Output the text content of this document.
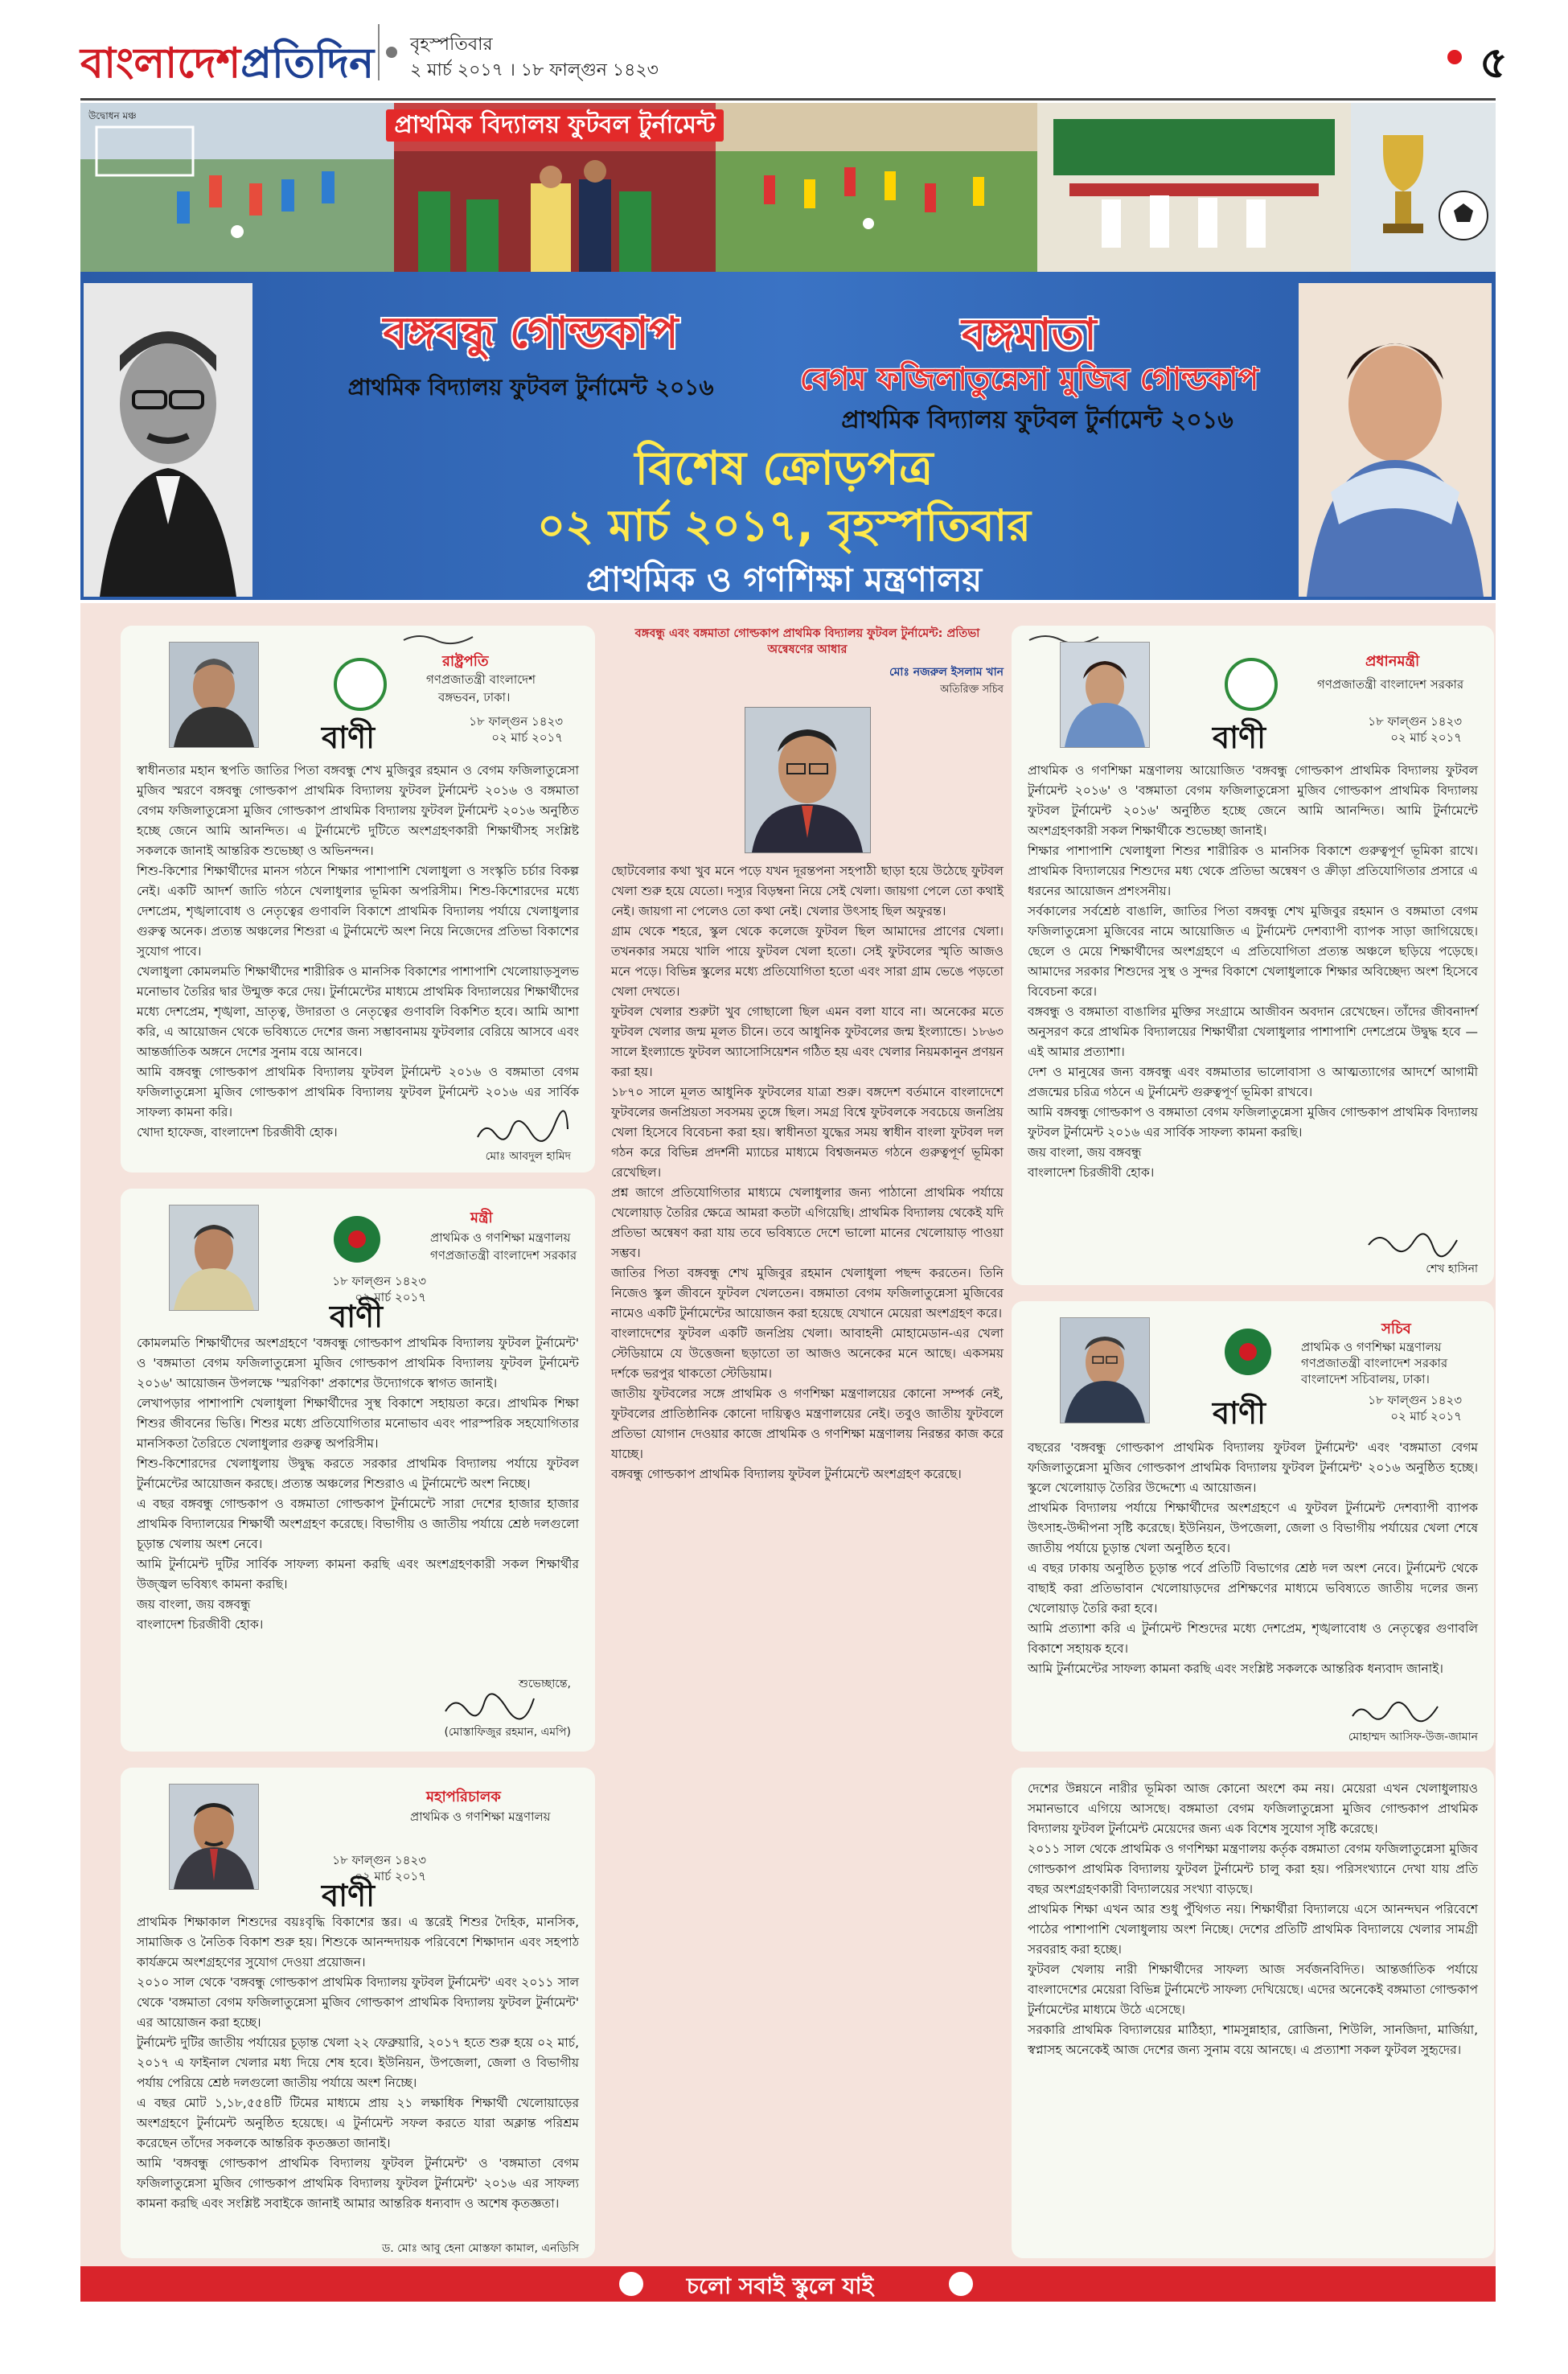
বাংলাদেশপ্রতিদিন বৃহস্পতিবার
২ মার্চ ২০১৭ । ১৮ ফাল্গুন ১৪২৩	৫
উদ্বোধন মঞ্চ	প্রাথমিক বিদ্যালয় ফুটবল টুর্নামেন্ট
বঙ্গবন্ধু গোল্ডকাপ
প্রাথমিক বিদ্যালয় ফুটবল টুর্নামেন্ট ২০১৬
বঙ্গমাতা
বেগম ফজিলাতুন্নেসা মুজিব গোল্ডকাপ
প্রাথমিক বিদ্যালয় ফুটবল টুর্নামেন্ট ২০১৬
বিশেষ ক্রোড়পত্র
০২ মার্চ ২০১৭, বৃহস্পতিবার
প্রাথমিক ও গণশিক্ষা মন্ত্রণালয়
রাষ্ট্রপতি
গণপ্রজাতন্ত্রী বাংলাদেশ
বঙ্গভবন, ঢাকা।
বাণী	১৮ ফাল্গুন ১৪২৩
০২ মার্চ ২০১৭
স্বাধীনতার মহান স্থপতি জাতির পিতা বঙ্গবন্ধু শেখ মুজিবুর রহমান ও বেগম ফজিলাতুন্নেসা মুজিব স্মরণে বঙ্গবন্ধু গোল্ডকাপ প্রাথমিক বিদ্যালয় ফুটবল টুর্নামেন্ট ২০১৬ ও বঙ্গমাতা বেগম ফজিলাতুন্নেসা মুজিব গোল্ডকাপ প্রাথমিক বিদ্যালয় ফুটবল টুর্নামেন্ট ২০১৬ অনুষ্ঠিত হচ্ছে জেনে আমি আনন্দিত। এ টুর্নামেন্টে দুটিতে অংশগ্রহণকারী শিক্ষার্থীসহ সংশ্লিষ্ট সকলকে জানাই আন্তরিক শুভেচ্ছা ও অভিনন্দন।
শিশু-কিশোর শিক্ষার্থীদের মানস গঠনে শিক্ষার পাশাপাশি খেলাধুলা ও সংস্কৃতি চর্চার বিকল্প নেই। একটি আদর্শ জাতি গঠনে খেলাধুলার ভূমিকা অপরিসীম। শিশু-কিশোরদের মধ্যে দেশপ্রেম, শৃঙ্খলাবোধ ও নেতৃত্বের গুণাবলি বিকাশে প্রাথমিক বিদ্যালয় পর্যায়ে খেলাধুলার গুরুত্ব অনেক। প্রত্যন্ত অঞ্চলের শিশুরা এ টুর্নামেন্টে অংশ নিয়ে নিজেদের প্রতিভা বিকাশের সুযোগ পাবে।
খেলাধুলা কোমলমতি শিক্ষার্থীদের শারীরিক ও মানসিক বিকাশের পাশাপাশি খেলোয়াড়সুলভ মনোভাব তৈরির দ্বার উন্মুক্ত করে দেয়। টুর্নামেন্টের মাধ্যমে প্রাথমিক বিদ্যালয়ের শিক্ষার্থীদের মধ্যে দেশপ্রেম, শৃঙ্খলা, ভ্রাতৃত্ব, উদারতা ও নেতৃত্বের গুণাবলি বিকশিত হবে। আমি আশা করি, এ আয়োজন থেকে ভবিষ্যতে দেশের জন্য সম্ভাবনাময় ফুটবলার বেরিয়ে আসবে এবং আন্তর্জাতিক অঙ্গনে দেশের সুনাম বয়ে আনবে।
আমি বঙ্গবন্ধু গোল্ডকাপ প্রাথমিক বিদ্যালয় ফুটবল টুর্নামেন্ট ২০১৬ ও বঙ্গমাতা বেগম ফজিলাতুন্নেসা মুজিব গোল্ডকাপ প্রাথমিক বিদ্যালয় ফুটবল টুর্নামেন্ট ২০১৬ এর সার্বিক সাফল্য কামনা করি।
খোদা হাফেজ, বাংলাদেশ চিরজীবী হোক।
মোঃ আবদুল হামিদ
বঙ্গবন্ধু এবং বঙ্গমাতা গোল্ডকাপ প্রাথমিক বিদ্যালয় ফুটবল টুর্নামেন্ট: প্রতিভা অন্বেষণের আধার
মোঃ নজরুল ইসলাম খান
অতিরিক্ত সচিব
ছোটবেলার কথা খুব মনে পড়ে যখন দূরন্তপনা সহপাঠী ছাড়া হয়ে উঠেছে ফুটবল খেলা শুরু হয়ে যেতো। দস্যুর বিড়ম্বনা নিয়ে সেই খেলা। জায়গা পেলে তো কথাই নেই। জায়গা না পেলেও তো কথা নেই। খেলার উৎসাহ ছিল অফুরন্ত।
গ্রাম থেকে শহরে, স্কুল থেকে কলেজে ফুটবল ছিল আমাদের প্রাণের খেলা। তখনকার সময়ে খালি পায়ে ফুটবল খেলা হতো। সেই ফুটবলের স্মৃতি আজও মনে পড়ে। বিভিন্ন স্কুলের মধ্যে প্রতিযোগিতা হতো এবং সারা গ্রাম ভেঙে পড়তো খেলা দেখতে।
ফুটবল খেলার শুরুটা খুব গোছালো ছিল এমন বলা যাবে না। অনেকের মতে ফুটবল খেলার জন্ম মূলত চীনে। তবে আধুনিক ফুটবলের জন্ম ইংল্যান্ডে। ১৮৬৩ সালে ইংল্যান্ডে ফুটবল অ্যাসোসিয়েশন গঠিত হয় এবং খেলার নিয়মকানুন প্রণয়ন করা হয়।
১৮৭০ সালে মূলত আধুনিক ফুটবলের যাত্রা শুরু। বঙ্গদেশ বর্তমানে বাংলাদেশে ফুটবলের জনপ্রিয়তা সবসময় তুঙ্গে ছিল। সমগ্র বিশ্বে ফুটবলকে সবচেয়ে জনপ্রিয় খেলা হিসেবে বিবেচনা করা হয়। স্বাধীনতা যুদ্ধের সময় স্বাধীন বাংলা ফুটবল দল গঠন করে বিভিন্ন প্রদর্শনী ম্যাচের মাধ্যমে বিশ্বজনমত গঠনে গুরুত্বপূর্ণ ভূমিকা রেখেছিল।
প্রশ্ন জাগে প্রতিযোগিতার মাধ্যমে খেলাধুলার জন্য পাঠানো প্রাথমিক পর্যায়ে খেলোয়াড় তৈরির ক্ষেত্রে আমরা কতটা এগিয়েছি। প্রাথমিক বিদ্যালয় থেকেই যদি প্রতিভা অন্বেষণ করা যায় তবে ভবিষ্যতে দেশে ভালো মানের খেলোয়াড় পাওয়া সম্ভব।
জাতির পিতা বঙ্গবন্ধু শেখ মুজিবুর রহমান খেলাধুলা পছন্দ করতেন। তিনি নিজেও স্কুল জীবনে ফুটবল খেলতেন। বঙ্গমাতা বেগম ফজিলাতুন্নেসা মুজিবের নামেও একটি টুর্নামেন্টের আয়োজন করা হয়েছে যেখানে মেয়েরা অংশগ্রহণ করে।
বাংলাদেশের ফুটবল একটি জনপ্রিয় খেলা। আবাহনী মোহামেডান-এর খেলা স্টেডিয়ামে যে উত্তেজনা ছড়াতো তা আজও অনেকের মনে আছে। একসময় দর্শকে ভরপুর থাকতো স্টেডিয়াম।
জাতীয় ফুটবলের সঙ্গে প্রাথমিক ও গণশিক্ষা মন্ত্রণালয়ের কোনো সম্পর্ক নেই, ফুটবলের প্রাতিষ্ঠানিক কোনো দায়িত্বও মন্ত্রণালয়ের নেই। তবুও জাতীয় ফুটবলে প্রতিভা যোগান দেওয়ার কাজে প্রাথমিক ও গণশিক্ষা মন্ত্রণালয় নিরন্তর কাজ করে যাচ্ছে।
বঙ্গবন্ধু গোল্ডকাপ প্রাথমিক বিদ্যালয় ফুটবল টুর্নামেন্টে অংশগ্রহণ করেছে।
প্রধানমন্ত্রী
গণপ্রজাতন্ত্রী বাংলাদেশ সরকার
বাণী	১৮ ফাল্গুন ১৪২৩
০২ মার্চ ২০১৭
প্রাথমিক ও গণশিক্ষা মন্ত্রণালয় আয়োজিত 'বঙ্গবন্ধু গোল্ডকাপ প্রাথমিক বিদ্যালয় ফুটবল টুর্নামেন্ট ২০১৬' ও 'বঙ্গমাতা বেগম ফজিলাতুন্নেসা মুজিব গোল্ডকাপ প্রাথমিক বিদ্যালয় ফুটবল টুর্নামেন্ট ২০১৬' অনুষ্ঠিত হচ্ছে জেনে আমি আনন্দিত। আমি টুর্নামেন্টে অংশগ্রহণকারী সকল শিক্ষার্থীকে শুভেচ্ছা জানাই।
শিক্ষার পাশাপাশি খেলাধুলা শিশুর শারীরিক ও মানসিক বিকাশে গুরুত্বপূর্ণ ভূমিকা রাখে। প্রাথমিক বিদ্যালয়ের শিশুদের মধ্য থেকে প্রতিভা অন্বেষণ ও ক্রীড়া প্রতিযোগিতার প্রসারে এ ধরনের আয়োজন প্রশংসনীয়।
সর্বকালের সর্বশ্রেষ্ঠ বাঙালি, জাতির পিতা বঙ্গবন্ধু শেখ মুজিবুর রহমান ও বঙ্গমাতা বেগম ফজিলাতুন্নেসা মুজিবের নামে আয়োজিত এ টুর্নামেন্ট দেশব্যাপী ব্যাপক সাড়া জাগিয়েছে। ছেলে ও মেয়ে শিক্ষার্থীদের অংশগ্রহণে এ প্রতিযোগিতা প্রত্যন্ত অঞ্চলে ছড়িয়ে পড়েছে। আমাদের সরকার শিশুদের সুস্থ ও সুন্দর বিকাশে খেলাধুলাকে শিক্ষার অবিচ্ছেদ্য অংশ হিসেবে বিবেচনা করে।
বঙ্গবন্ধু ও বঙ্গমাতা বাঙালির মুক্তির সংগ্রামে আজীবন অবদান রেখেছেন। তাঁদের জীবনাদর্শ অনুসরণ করে প্রাথমিক বিদ্যালয়ের শিক্ষার্থীরা খেলাধুলার পাশাপাশি দেশপ্রেমে উদ্বুদ্ধ হবে — এই আমার প্রত্যাশা।
দেশ ও মানুষের জন্য বঙ্গবন্ধু এবং বঙ্গমাতার ভালোবাসা ও আত্মত্যাগের আদর্শে আগামী প্রজন্মের চরিত্র গঠনে এ টুর্নামেন্ট গুরুত্বপূর্ণ ভূমিকা রাখবে।
আমি বঙ্গবন্ধু গোল্ডকাপ ও বঙ্গমাতা বেগম ফজিলাতুন্নেসা মুজিব গোল্ডকাপ প্রাথমিক বিদ্যালয় ফুটবল টুর্নামেন্ট ২০১৬ এর সার্বিক সাফল্য কামনা করছি।
জয় বাংলা, জয় বঙ্গবন্ধু
বাংলাদেশ চিরজীবী হোক।
শেখ হাসিনা
মন্ত্রী
প্রাথমিক ও গণশিক্ষা মন্ত্রণালয়
গণপ্রজাতন্ত্রী বাংলাদেশ সরকার
১৮ ফাল্গুন ১৪২৩
০২ মার্চ ২০১৭
বাণী
কোমলমতি শিক্ষার্থীদের অংশগ্রহণে 'বঙ্গবন্ধু গোল্ডকাপ প্রাথমিক বিদ্যালয় ফুটবল টুর্নামেন্ট' ও 'বঙ্গমাতা বেগম ফজিলাতুন্নেসা মুজিব গোল্ডকাপ প্রাথমিক বিদ্যালয় ফুটবল টুর্নামেন্ট ২০১৬' আয়োজন উপলক্ষে 'স্মরণিকা' প্রকাশের উদ্যোগকে স্বাগত জানাই।
লেখাপড়ার পাশাপাশি খেলাধুলা শিক্ষার্থীদের সুস্থ বিকাশে সহায়তা করে। প্রাথমিক শিক্ষা শিশুর জীবনের ভিত্তি। শিশুর মধ্যে প্রতিযোগিতার মনোভাব এবং পারস্পরিক সহযোগিতার মানসিকতা তৈরিতে খেলাধুলার গুরুত্ব অপরিসীম।
শিশু-কিশোরদের খেলাধুলায় উদ্বুদ্ধ করতে সরকার প্রাথমিক বিদ্যালয় পর্যায়ে ফুটবল টুর্নামেন্টের আয়োজন করছে। প্রত্যন্ত অঞ্চলের শিশুরাও এ টুর্নামেন্টে অংশ নিচ্ছে।
এ বছর বঙ্গবন্ধু গোল্ডকাপ ও বঙ্গমাতা গোল্ডকাপ টুর্নামেন্টে সারা দেশের হাজার হাজার প্রাথমিক বিদ্যালয়ের শিক্ষার্থী অংশগ্রহণ করেছে। বিভাগীয় ও জাতীয় পর্যায়ে শ্রেষ্ঠ দলগুলো চূড়ান্ত খেলায় অংশ নেবে।
আমি টুর্নামেন্ট দুটির সার্বিক সাফল্য কামনা করছি এবং অংশগ্রহণকারী সকল শিক্ষার্থীর উজ্জ্বল ভবিষ্যৎ কামনা করছি।
জয় বাংলা, জয় বঙ্গবন্ধু
বাংলাদেশ চিরজীবী হোক।
শুভেচ্ছান্তে,
(মোস্তাফিজুর রহমান, এমপি)
সচিব
প্রাথমিক ও গণশিক্ষা মন্ত্রণালয়
গণপ্রজাতন্ত্রী বাংলাদেশ সরকার
বাংলাদেশ সচিবালয়, ঢাকা।
বাণী	১৮ ফাল্গুন ১৪২৩
০২ মার্চ ২০১৭
বছরের 'বঙ্গবন্ধু গোল্ডকাপ প্রাথমিক বিদ্যালয় ফুটবল টুর্নামেন্ট' এবং 'বঙ্গমাতা বেগম ফজিলাতুন্নেসা মুজিব গোল্ডকাপ প্রাথমিক বিদ্যালয় ফুটবল টুর্নামেন্ট' ২০১৬ অনুষ্ঠিত হচ্ছে। স্কুলে খেলোয়াড় তৈরির উদ্দেশ্যে এ আয়োজন।
প্রাথমিক বিদ্যালয় পর্যায়ে শিক্ষার্থীদের অংশগ্রহণে এ ফুটবল টুর্নামেন্ট দেশব্যাপী ব্যাপক উৎসাহ-উদ্দীপনা সৃষ্টি করেছে। ইউনিয়ন, উপজেলা, জেলা ও বিভাগীয় পর্যায়ের খেলা শেষে জাতীয় পর্যায়ে চূড়ান্ত খেলা অনুষ্ঠিত হবে।
এ বছর ঢাকায় অনুষ্ঠিত চূড়ান্ত পর্বে প্রতিটি বিভাগের শ্রেষ্ঠ দল অংশ নেবে। টুর্নামেন্ট থেকে বাছাই করা প্রতিভাবান খেলোয়াড়দের প্রশিক্ষণের মাধ্যমে ভবিষ্যতে জাতীয় দলের জন্য খেলোয়াড় তৈরি করা হবে।
আমি প্রত্যাশা করি এ টুর্নামেন্ট শিশুদের মধ্যে দেশপ্রেম, শৃঙ্খলাবোধ ও নেতৃত্বের গুণাবলি বিকাশে সহায়ক হবে।
আমি টুর্নামেন্টের সাফল্য কামনা করছি এবং সংশ্লিষ্ট সকলকে আন্তরিক ধন্যবাদ জানাই।
মোহাম্মদ আসিফ-উজ-জামান
মহাপরিচালক
প্রাথমিক ও গণশিক্ষা মন্ত্রণালয়
১৮ ফাল্গুন ১৪২৩
০২ মার্চ ২০১৭
বাণী
প্রাথমিক শিক্ষাকাল শিশুদের বয়ঃবৃদ্ধি বিকাশের স্তর। এ স্তরেই শিশুর দৈহিক, মানসিক, সামাজিক ও নৈতিক বিকাশ শুরু হয়। শিশুকে আনন্দদায়ক পরিবেশে শিক্ষাদান এবং সহপাঠ কার্যক্রমে অংশগ্রহণের সুযোগ দেওয়া প্রয়োজন।
২০১০ সাল থেকে 'বঙ্গবন্ধু গোল্ডকাপ প্রাথমিক বিদ্যালয় ফুটবল টুর্নামেন্ট' এবং ২০১১ সাল থেকে 'বঙ্গমাতা বেগম ফজিলাতুন্নেসা মুজিব গোল্ডকাপ প্রাথমিক বিদ্যালয় ফুটবল টুর্নামেন্ট' এর আয়োজন করা হচ্ছে।
টুর্নামেন্ট দুটির জাতীয় পর্যায়ের চূড়ান্ত খেলা ২২ ফেব্রুয়ারি, ২০১৭ হতে শুরু হয়ে ০২ মার্চ, ২০১৭ এ ফাইনাল খেলার মধ্য দিয়ে শেষ হবে। ইউনিয়ন, উপজেলা, জেলা ও বিভাগীয় পর্যায় পেরিয়ে শ্রেষ্ঠ দলগুলো জাতীয় পর্যায়ে অংশ নিচ্ছে।
এ বছর মোট ১,১৮,৫৫৪টি টিমের মাধ্যমে প্রায় ২১ লক্ষাধিক শিক্ষার্থী খেলোয়াড়ের অংশগ্রহণে টুর্নামেন্ট অনুষ্ঠিত হয়েছে। এ টুর্নামেন্ট সফল করতে যারা অক্লান্ত পরিশ্রম করেছেন তাঁদের সকলকে আন্তরিক কৃতজ্ঞতা জানাই।
আমি 'বঙ্গবন্ধু গোল্ডকাপ প্রাথমিক বিদ্যালয় ফুটবল টুর্নামেন্ট' ও 'বঙ্গমাতা বেগম ফজিলাতুন্নেসা মুজিব গোল্ডকাপ প্রাথমিক বিদ্যালয় ফুটবল টুর্নামেন্ট' ২০১৬ এর সাফল্য কামনা করছি এবং সংশ্লিষ্ট সবাইকে জানাই আমার আন্তরিক ধন্যবাদ ও অশেষ কৃতজ্ঞতা।
ড. মোঃ আবু হেনা মোস্তফা কামাল, এনডিসি
দেশের উন্নয়নে নারীর ভূমিকা আজ কোনো অংশে কম নয়। মেয়েরা এখন খেলাধুলায়ও সমানভাবে এগিয়ে আসছে। বঙ্গমাতা বেগম ফজিলাতুন্নেসা মুজিব গোল্ডকাপ প্রাথমিক বিদ্যালয় ফুটবল টুর্নামেন্ট মেয়েদের জন্য এক বিশেষ সুযোগ সৃষ্টি করেছে।
২০১১ সাল থেকে প্রাথমিক ও গণশিক্ষা মন্ত্রণালয় কর্তৃক বঙ্গমাতা বেগম ফজিলাতুন্নেসা মুজিব গোল্ডকাপ প্রাথমিক বিদ্যালয় ফুটবল টুর্নামেন্ট চালু করা হয়। পরিসংখ্যানে দেখা যায় প্রতি বছর অংশগ্রহণকারী বিদ্যালয়ের সংখ্যা বাড়ছে।
প্রাথমিক শিক্ষা এখন আর শুধু পুঁথিগত নয়। শিক্ষার্থীরা বিদ্যালয়ে এসে আনন্দঘন পরিবেশে পাঠের পাশাপাশি খেলাধুলায় অংশ নিচ্ছে। দেশের প্রতিটি প্রাথমিক বিদ্যালয়ে খেলার সামগ্রী সরবরাহ করা হচ্ছে।
ফুটবল খেলায় নারী শিক্ষার্থীদের সাফল্য আজ সর্বজনবিদিত। আন্তর্জাতিক পর্যায়ে বাংলাদেশের মেয়েরা বিভিন্ন টুর্নামেন্টে সাফল্য দেখিয়েছে। এদের অনেকেই বঙ্গমাতা গোল্ডকাপ টুর্নামেন্টের মাধ্যমে উঠে এসেছে।
সরকারি প্রাথমিক বিদ্যালয়ের মাঠিহ্যা, শামসুন্নাহার, রোজিনা, শিউলি, সানজিদা, মার্জিয়া, স্বপ্নাসহ অনেকেই আজ দেশের জন্য সুনাম বয়ে আনছে। এ প্রত্যাশা সকল ফুটবল সুহৃদের।
চলো সবাই স্কুলে যাই
